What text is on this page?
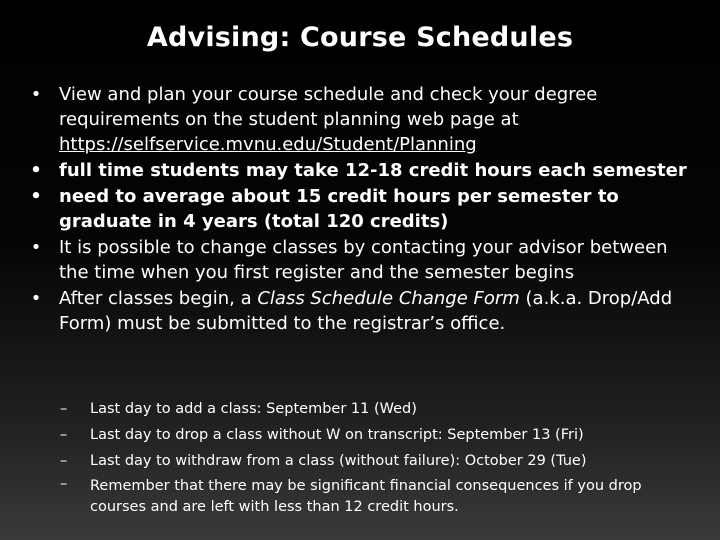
Advising: Course Schedules
• View and plan your course schedule and check your degree requirements on the student planning web page at https://selfservice.mvnu.edu/Student/Planning
• full time students may take 12-18 credit hours each semester
• need to average about 15 credit hours per semester to graduate in 4 years (total 120 credits)
• It is possible to change classes by contacting your advisor between the time when you first register and the semester begins
• After classes begin, a Class Schedule Change Form (a.k.a. Drop/Add Form) must be submitted to the registrar’s office.
– Last day to add a class: September 11 (Wed)
– Last day to drop a class without W on transcript: September 13 (Fri)
– Last day to withdraw from a class (without failure): October 29 (Tue)
– Remember that there may be significant financial consequences if you drop courses and are left with less than 12 credit hours.
